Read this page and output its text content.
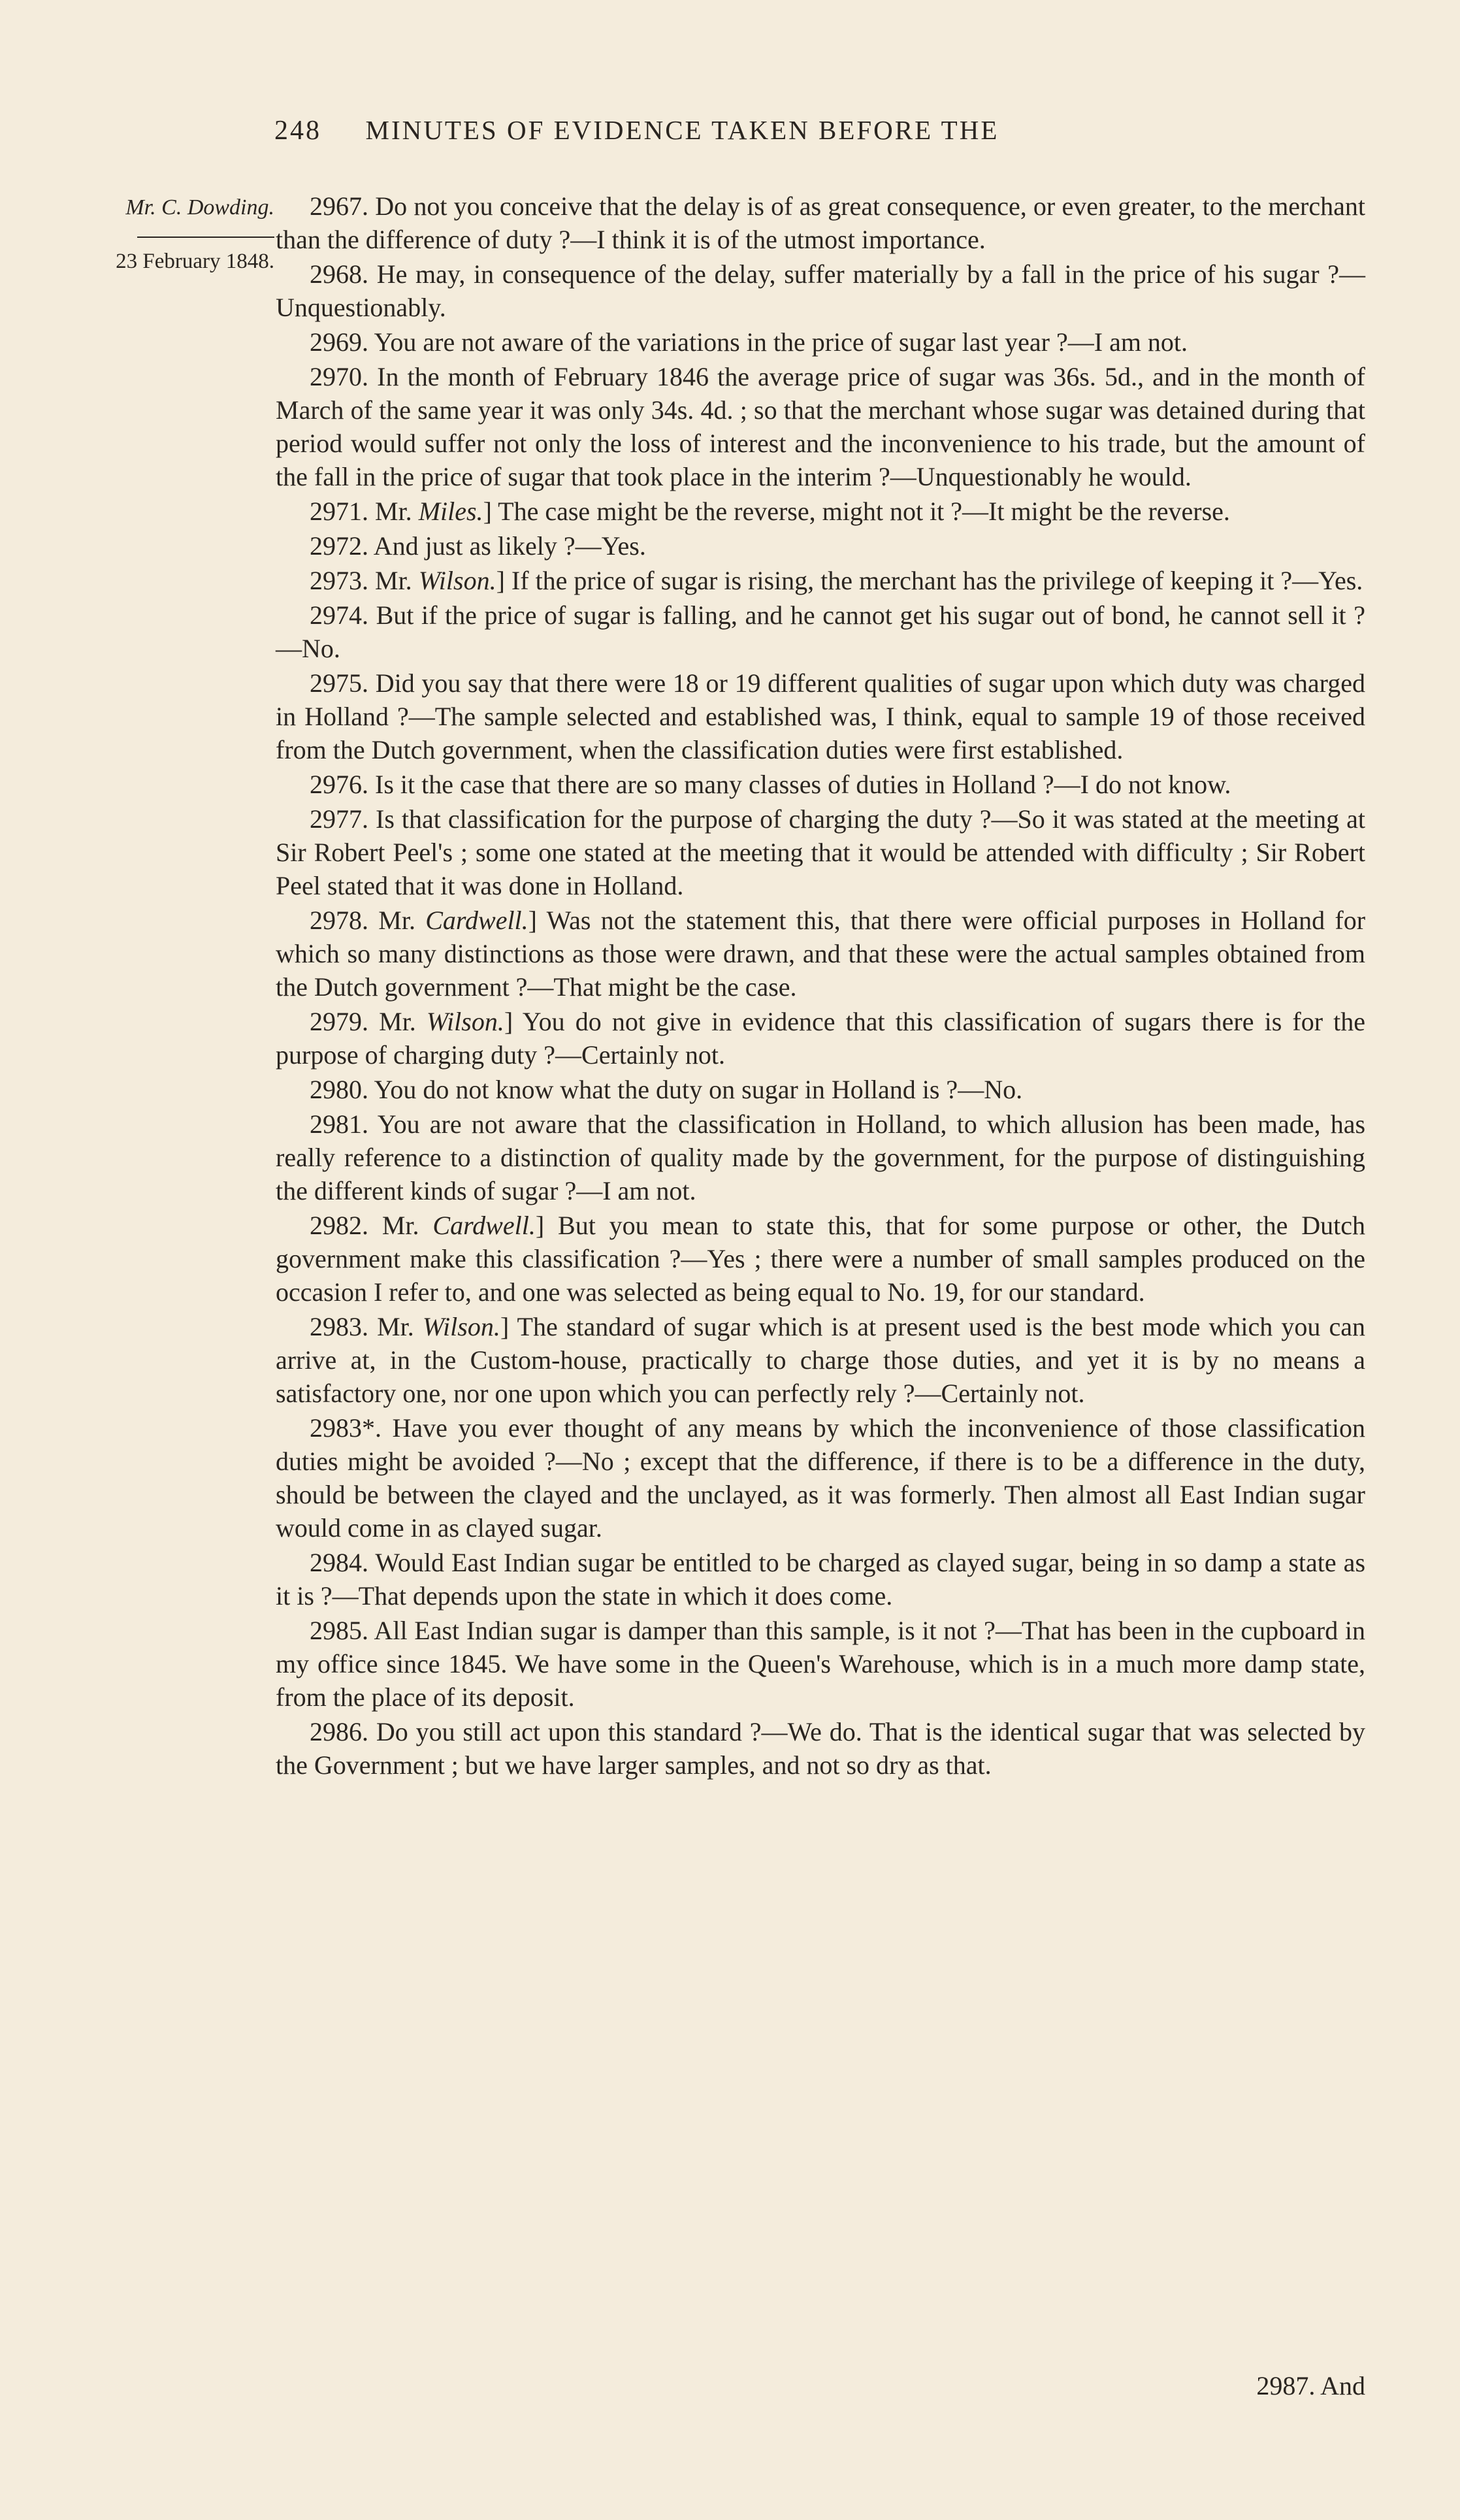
248 MINUTES OF EVIDENCE TAKEN BEFORE THE
Mr. C. Dowding.
23 February 1848.

2967. Do not you conceive that the delay is of as great consequence, or even greater, to the merchant than the difference of duty ?—I think it is of the utmost importance.

2968. He may, in consequence of the delay, suffer materially by a fall in the price of his sugar ?—Unquestionably.

2969. You are not aware of the variations in the price of sugar last year ?—I am not.

2970. In the month of February 1846 the average price of sugar was 36s. 5d., and in the month of March of the same year it was only 34s. 4d. ; so that the merchant whose sugar was detained during that period would suffer not only the loss of interest and the inconvenience to his trade, but the amount of the fall in the price of sugar that took place in the interim ?—Unquestionably he would.

2971. Mr. Miles.] The case might be the reverse, might not it ?—It might be the reverse.

2972. And just as likely ?—Yes.

2973. Mr. Wilson.] If the price of sugar is rising, the merchant has the privilege of keeping it ?—Yes.

2974. But if the price of sugar is falling, and he cannot get his sugar out of bond, he cannot sell it ?—No.

2975. Did you say that there were 18 or 19 different qualities of sugar upon which duty was charged in Holland ?—The sample selected and established was, I think, equal to sample 19 of those received from the Dutch government, when the classification duties were first established.

2976. Is it the case that there are so many classes of duties in Holland ?—I do not know.

2977. Is that classification for the purpose of charging the duty ?—So it was stated at the meeting at Sir Robert Peel's ; some one stated at the meeting that it would be attended with difficulty ; Sir Robert Peel stated that it was done in Holland.

2978. Mr. Cardwell.] Was not the statement this, that there were official purposes in Holland for which so many distinctions as those were drawn, and that these were the actual samples obtained from the Dutch government ?—That might be the case.

2979. Mr. Wilson.] You do not give in evidence that this classification of sugars there is for the purpose of charging duty ?—Certainly not.

2980. You do not know what the duty on sugar in Holland is ?—No.

2981. You are not aware that the classification in Holland, to which allusion has been made, has really reference to a distinction of quality made by the government, for the purpose of distinguishing the different kinds of sugar ?—I am not.

2982. Mr. Cardwell.] But you mean to state this, that for some purpose or other, the Dutch government make this classification ?—Yes ; there were a number of small samples produced on the occasion I refer to, and one was selected as being equal to No. 19, for our standard.

2983. Mr. Wilson.] The standard of sugar which is at present used is the best mode which you can arrive at, in the Custom-house, practically to charge those duties, and yet it is by no means a satisfactory one, nor one upon which you can perfectly rely ?—Certainly not.

2983*. Have you ever thought of any means by which the inconvenience of those classification duties might be avoided ?—No ; except that the difference, if there is to be a difference in the duty, should be between the clayed and the unclayed, as it was formerly. Then almost all East Indian sugar would come in as clayed sugar.

2984. Would East Indian sugar be entitled to be charged as clayed sugar, being in so damp a state as it is ?—That depends upon the state in which it does come.

2985. All East Indian sugar is damper than this sample, is it not ?—That has been in the cupboard in my office since 1845. We have some in the Queen's Warehouse, which is in a much more damp state, from the place of its deposit.

2986. Do you still act upon this standard ?—We do. That is the identical sugar that was selected by the Government ; but we have larger samples, and not so dry as that.

2987. And
